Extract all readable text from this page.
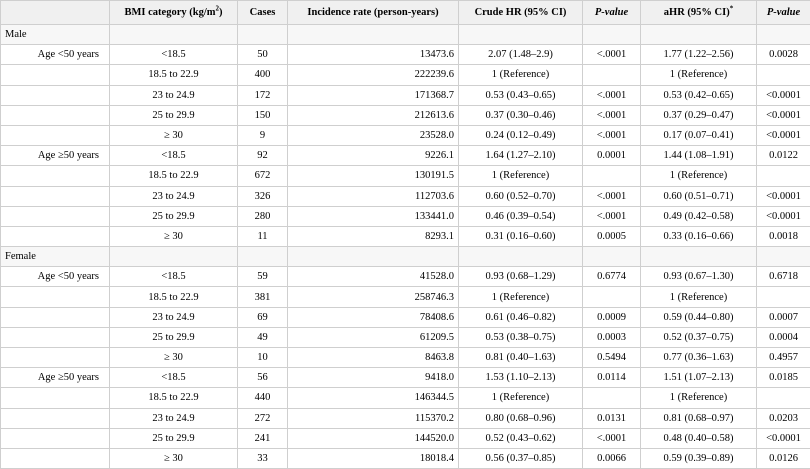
	BMI category $(kg/m^2)$	Cases	Incidence rate (person-years)	Crude HR (95% CI)	P-value	aHR (95% CI)*	P-value
Male							
Age <50 years	<18.5	50	13473.6	2.07 (1.48–2.9)	<.0001	1.77 (1.22–2.56)	0.0028
	18.5 to 22.9	400	222239.6	1 (Reference)		1 (Reference)	
	23 to 24.9	172	171368.7	0.53 (0.43–0.65)	<.0001	0.53 (0.42–0.65)	<0.0001
	25 to 29.9	150	212613.6	0.37 (0.30–0.46)	<.0001	0.37 (0.29–0.47)	<0.0001
	≥ 30	9	23528.0	0.24 (0.12–0.49)	<.0001	0.17 (0.07–0.41)	<0.0001
Age ≥50 years	<18.5	92	9226.1	1.64 (1.27–2.10)	0.0001	1.44 (1.08–1.91)	0.0122
	18.5 to 22.9	672	130191.5	1 (Reference)		1 (Reference)	
	23 to 24.9	326	112703.6	0.60 (0.52–0.70)	<.0001	0.60 (0.51–0.71)	<0.0001
	25 to 29.9	280	133441.0	0.46 (0.39–0.54)	<.0001	0.49 (0.42–0.58)	<0.0001
	≥ 30	11	8293.1	0.31 (0.16–0.60)	0.0005	0.33 (0.16–0.66)	0.0018
Female							
Age <50 years	<18.5	59	41528.0	0.93 (0.68–1.29)	0.6774	0.93 (0.67–1.30)	0.6718
	18.5 to 22.9	381	258746.3	1 (Reference)		1 (Reference)	
	23 to 24.9	69	78408.6	0.61 (0.46–0.82)	0.0009	0.59 (0.44–0.80)	0.0007
	25 to 29.9	49	61209.5	0.53 (0.38–0.75)	0.0003	0.52 (0.37–0.75)	0.0004
	≥ 30	10	8463.8	0.81 (0.40–1.63)	0.5494	0.77 (0.36–1.63)	0.4957
Age ≥50 years	<18.5	56	9418.0	1.53 (1.10–2.13)	0.0114	1.51 (1.07–2.13)	0.0185
	18.5 to 22.9	440	146344.5	1 (Reference)		1 (Reference)	
	23 to 24.9	272	115370.2	0.80 (0.68–0.96)	0.0131	0.81 (0.68–0.97)	0.0203
	25 to 29.9	241	144520.0	0.52 (0.43–0.62)	<.0001	0.48 (0.40–0.58)	<0.0001
	≥ 30	33	18018.4	0.56 (0.37–0.85)	0.0066	0.59 (0.39–0.89)	0.0126
